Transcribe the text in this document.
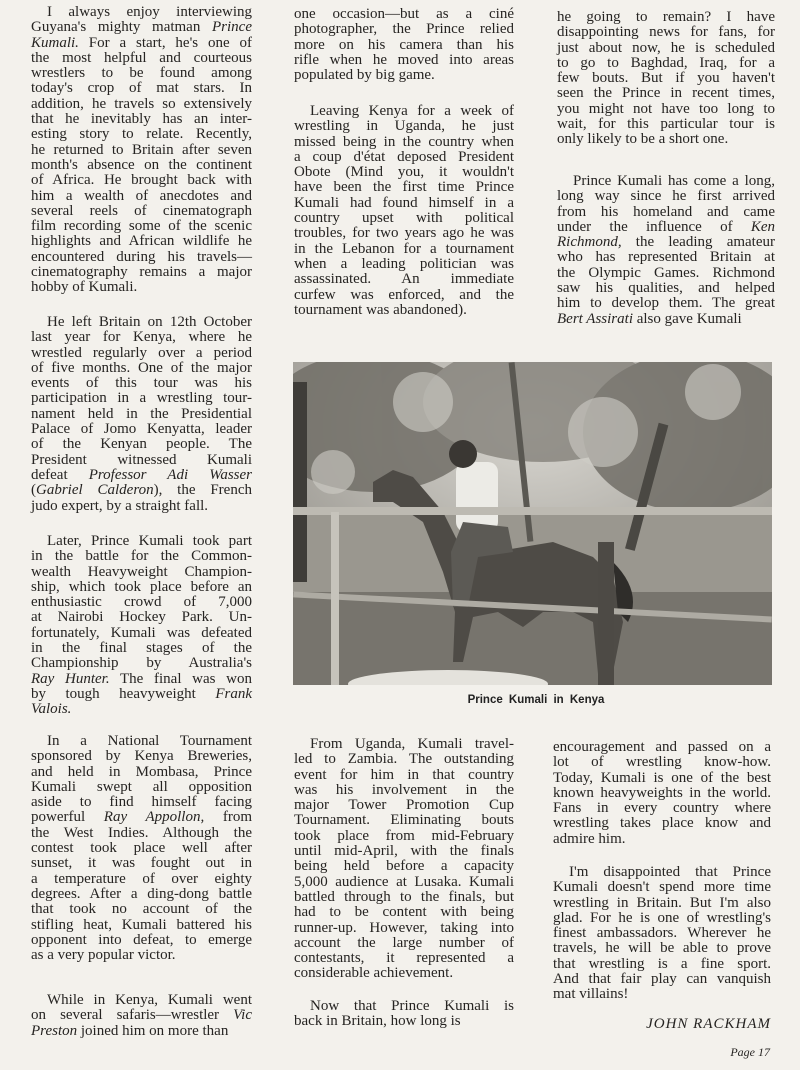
I always enjoy interviewing
Guyana's mighty matman Prince
Kumali. For a start, he's one of
the most helpful and courteous
wrestlers to be found among
today's crop of mat stars. In
addition, he travels so extensively
that he inevitably has an inter-
esting story to relate. Recently,
he returned to Britain after seven
month's absence on the continent
of Africa. He brought back with
him a wealth of anecdotes and
several reels of cinematograph
film recording some of the scenic
highlights and African wildlife he
encountered during his travels—
cinematography remains a major
hobby of Kumali.
He left Britain on 12th October
last year for Kenya, where he
wrestled regularly over a period
of five months. One of the major
events of this tour was his
participation in a wrestling tour-
nament held in the Presidential
Palace of Jomo Kenyatta, leader
of the Kenyan people. The
President witnessed Kumali
defeat Professor Adi Wasser
(Gabriel Calderon), the French
judo expert, by a straight fall.
Later, Prince Kumali took part
in the battle for the Common-
wealth Heavyweight Champion-
ship, which took place before an
enthusiastic crowd of 7,000
at Nairobi Hockey Park. Un-
fortunately, Kumali was defeated
in the final stages of the
Championship by Australia's
Ray Hunter. The final was won
by tough heavyweight Frank
Valois.
In a National Tournament
sponsored by Kenya Breweries,
and held in Mombasa, Prince
Kumali swept all opposition
aside to find himself facing
powerful Ray Appollon, from
the West Indies. Although the
contest took place well after
sunset, it was fought out in
a temperature of over eighty
degrees. After a ding-dong battle
that took no account of the
stifling heat, Kumali battered his
opponent into defeat, to emerge
as a very popular victor.
While in Kenya, Kumali went
on several safaris—wrestler Vic
Preston joined him on more than
one occasion—but as a ciné
photographer, the Prince relied
more on his camera than his
rifle when he moved into areas
populated by big game.
Leaving Kenya for a week of
wrestling in Uganda, he just
missed being in the country when
a coup d'état deposed President
Obote (Mind you, it wouldn't
have been the first time Prince
Kumali had found himself in a
country upset with political
troubles, for two years ago he was
in the Lebanon for a tournament
when a leading politician was
assassinated. An immediate
curfew was enforced, and the
tournament was abandoned).
he going to remain? I have
disappointing news for fans, for
just about now, he is scheduled
to go to Baghdad, Iraq, for a
few bouts. But if you haven't
seen the Prince in recent times,
you might not have too long to
wait, for this particular tour is
only likely to be a short one.
Prince Kumali has come a long,
long way since he first arrived
from his homeland and came
under the influence of Ken
Richmond, the leading amateur
who has represented Britain at
the Olympic Games. Richmond
saw his qualities, and helped
him to develop them. The great
Bert Assirati also gave Kumali
Prince Kumali in Kenya
From Uganda, Kumali travel-
led to Zambia. The outstanding
event for him in that country
was his involvement in the
major Tower Promotion Cup
Tournament. Eliminating bouts
took place from mid-February
until mid-April, with the finals
being held before a capacity
5,000 audience at Lusaka. Kumali
battled through to the finals, but
had to be content with being
runner-up. However, taking into
account the large number of
contestants, it represented a
considerable achievement.
Now that Prince Kumali is
back in Britain, how long is
encouragement and passed on a
lot of wrestling know-how.
Today, Kumali is one of the best
known heavyweights in the world.
Fans in every country where
wrestling takes place know and
admire him.
I'm disappointed that Prince
Kumali doesn't spend more time
wrestling in Britain. But I'm also
glad. For he is one of wrestling's
finest ambassadors. Wherever he
travels, he will be able to prove
that wrestling is a fine sport.
And that fair play can vanquish
mat villains!
JOHN RACKHAM
Page 17
